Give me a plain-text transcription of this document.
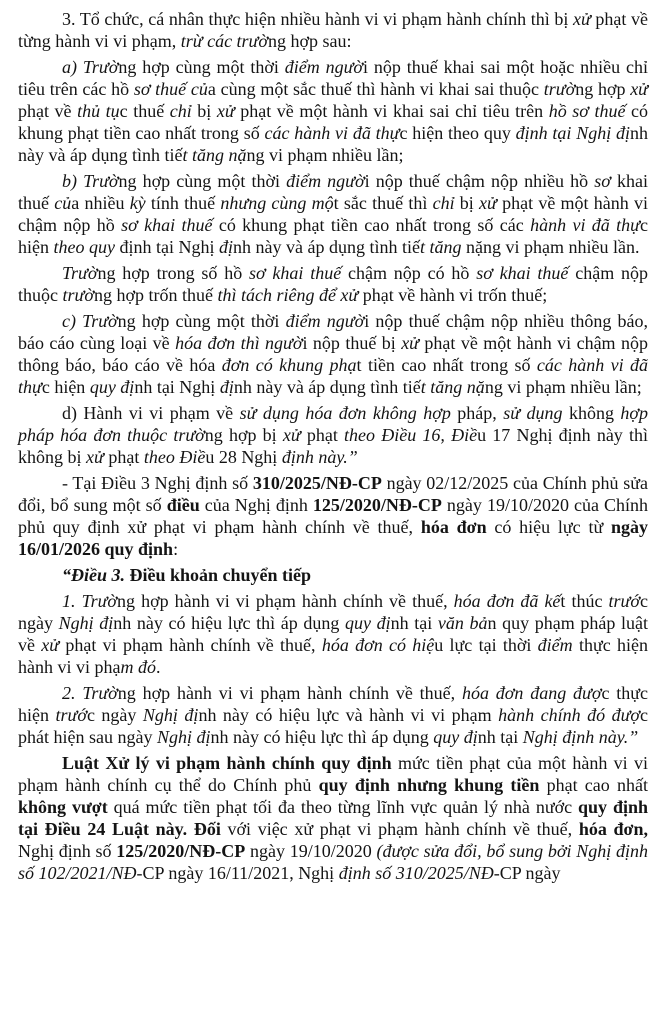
3. Tổ chức, cá nhân thực hiện nhiều hành vi vi phạm hành chính thì bị xử phạt về từng hành vi vi phạm, trừ các trường hợp sau:

a) Trường hợp cùng một thời điểm người nộp thuế khai sai một hoặc nhiều chỉ tiêu trên các hồ sơ thuế của cùng một sắc thuế thì hành vi khai sai thuộc trường hợp xử phạt về thủ tục thuế chỉ bị xử phạt về một hành vi khai sai chỉ tiêu trên hồ sơ thuế có khung phạt tiền cao nhất trong số các hành vi đã thực hiện theo quy định tại Nghị định này và áp dụng tình tiết tăng nặng vi phạm nhiều lần;

b) Trường hợp cùng một thời điểm người nộp thuế chậm nộp nhiều hồ sơ khai thuế của nhiều kỳ tính thuế nhưng cùng một sắc thuế thì chỉ bị xử phạt về một hành vi chậm nộp hồ sơ khai thuế có khung phạt tiền cao nhất trong số các hành vi đã thực hiện theo quy định tại Nghị định này và áp dụng tình tiết tăng nặng vi phạm nhiều lần.

Trường hợp trong số hồ sơ khai thuế chậm nộp có hồ sơ khai thuế chậm nộp thuộc trường hợp trốn thuế thì tách riêng để xử phạt về hành vi trốn thuế;

c) Trường hợp cùng một thời điểm người nộp thuế chậm nộp nhiều thông báo, báo cáo cùng loại về hóa đơn thì người nộp thuế bị xử phạt về một hành vi chậm nộp thông báo, báo cáo về hóa đơn có khung phạt tiền cao nhất trong số các hành vi đã thực hiện quy định tại Nghị định này và áp dụng tình tiết tăng nặng vi phạm nhiều lần;

d) Hành vi vi phạm về sử dụng hóa đơn không hợp pháp, sử dụng không hợp pháp hóa đơn thuộc trường hợp bị xử phạt theo Điều 16, Điều 17 Nghị định này thì không bị xử phạt theo Điều 28 Nghị định này.”

- Tại Điều 3 Nghị định số 310/2025/NĐ-CP ngày 02/12/2025 của Chính phủ sửa đổi, bổ sung một số điều của Nghị định 125/2020/NĐ-CP ngày 19/10/2020 của Chính phủ quy định xử phạt vi phạm hành chính về thuế, hóa đơn có hiệu lực từ ngày 16/01/2026 quy định:

“Điều 3. Điều khoản chuyển tiếp

1. Trường hợp hành vi vi phạm hành chính về thuế, hóa đơn đã kết thúc trước ngày Nghị định này có hiệu lực thì áp dụng quy định tại văn bản quy phạm pháp luật về xử phạt vi phạm hành chính về thuế, hóa đơn có hiệu lực tại thời điểm thực hiện hành vi vi phạm đó.

2. Trường hợp hành vi vi phạm hành chính về thuế, hóa đơn đang được thực hiện trước ngày Nghị định này có hiệu lực và hành vi vi phạm hành chính đó được phát hiện sau ngày Nghị định này có hiệu lực thì áp dụng quy định tại Nghị định này.”

Luật Xử lý vi phạm hành chính quy định mức tiền phạt của một hành vi vi phạm hành chính cụ thể do Chính phủ quy định nhưng khung tiền phạt cao nhất không vượt quá mức tiền phạt tối đa theo từng lĩnh vực quản lý nhà nước quy định tại Điều 24 Luật này. Đối với việc xử phạt vi phạm hành chính về thuế, hóa đơn, Nghị định số 125/2020/NĐ-CP ngày 19/10/2020 (được sửa đổi, bổ sung bởi Nghị định số 102/2021/NĐ-CP ngày 16/11/2021, Nghị định số 310/2025/NĐ-CP ngày
